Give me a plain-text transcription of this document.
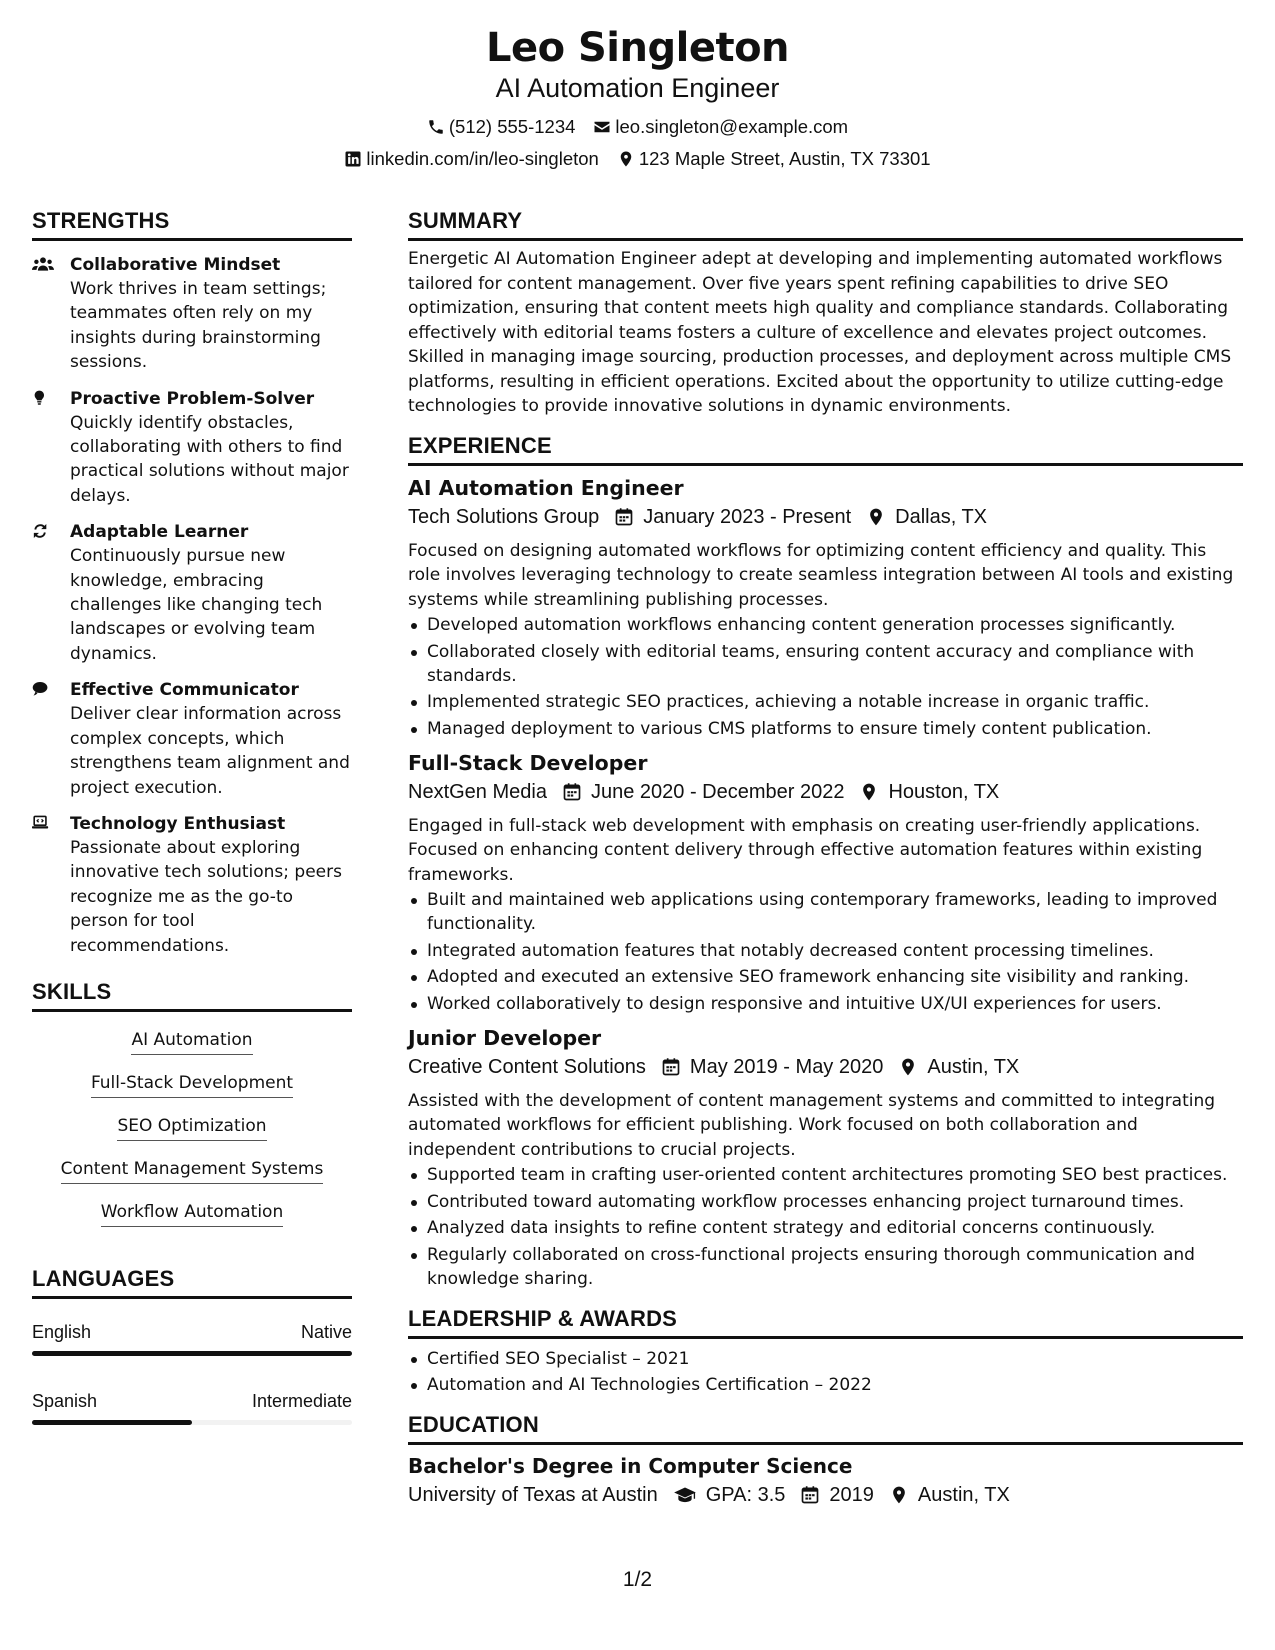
Leo Singleton
AI Automation Engineer
(512) 555-1234 leo.singleton@example.com
linkedin.com/in/leo-singleton 123 Maple Street, Austin, TX 73301
STRENGTHS
Collaborative Mindset
Work thrives in team settings; teammates often rely on my insights during brainstorming sessions.
Proactive Problem-Solver
Quickly identify obstacles, collaborating with others to find practical solutions without major delays.
Adaptable Learner
Continuously pursue new knowledge, embracing challenges like changing tech landscapes or evolving team dynamics.
Effective Communicator
Deliver clear information across complex concepts, which strengthens team alignment and project execution.
Technology Enthusiast
Passionate about exploring innovative tech solutions; peers recognize me as the go-to person for tool recommendations.
SKILLS
AI Automation
Full-Stack Development
SEO Optimization
Content Management Systems
Workflow Automation
LANGUAGES
English	Native
Spanish	Intermediate
SUMMARY
Energetic AI Automation Engineer adept at developing and implementing automated workflows tailored for content management. Over five years spent refining capabilities to drive SEO optimization, ensuring that content meets high quality and compliance standards. Collaborating effectively with editorial teams fosters a culture of excellence and elevates project outcomes. Skilled in managing image sourcing, production processes, and deployment across multiple CMS platforms, resulting in efficient operations. Excited about the opportunity to utilize cutting-edge technologies to provide innovative solutions in dynamic environments.
EXPERIENCE
AI Automation Engineer
Tech Solutions Group January 2023 - Present Dallas, TX
Focused on designing automated workflows for optimizing content efficiency and quality. This role involves leveraging technology to create seamless integration between AI tools and existing systems while streamlining publishing processes.
Developed automation workflows enhancing content generation processes significantly.
Collaborated closely with editorial teams, ensuring content accuracy and compliance with standards.
Implemented strategic SEO practices, achieving a notable increase in organic traffic.
Managed deployment to various CMS platforms to ensure timely content publication.
Full-Stack Developer
NextGen Media June 2020 - December 2022 Houston, TX
Engaged in full-stack web development with emphasis on creating user-friendly applications. Focused on enhancing content delivery through effective automation features within existing frameworks.
Built and maintained web applications using contemporary frameworks, leading to improved functionality.
Integrated automation features that notably decreased content processing timelines.
Adopted and executed an extensive SEO framework enhancing site visibility and ranking.
Worked collaboratively to design responsive and intuitive UX/UI experiences for users.
Junior Developer
Creative Content Solutions May 2019 - May 2020 Austin, TX
Assisted with the development of content management systems and committed to integrating automated workflows for efficient publishing. Work focused on both collaboration and independent contributions to crucial projects.
Supported team in crafting user-oriented content architectures promoting SEO best practices.
Contributed toward automating workflow processes enhancing project turnaround times.
Analyzed data insights to refine content strategy and editorial concerns continuously.
Regularly collaborated on cross-functional projects ensuring thorough communication and knowledge sharing.
LEADERSHIP & AWARDS
Certified SEO Specialist – 2021
Automation and AI Technologies Certification – 2022
EDUCATION
Bachelor's Degree in Computer Science
University of Texas at Austin GPA: 3.5 2019 Austin, TX
1/2
